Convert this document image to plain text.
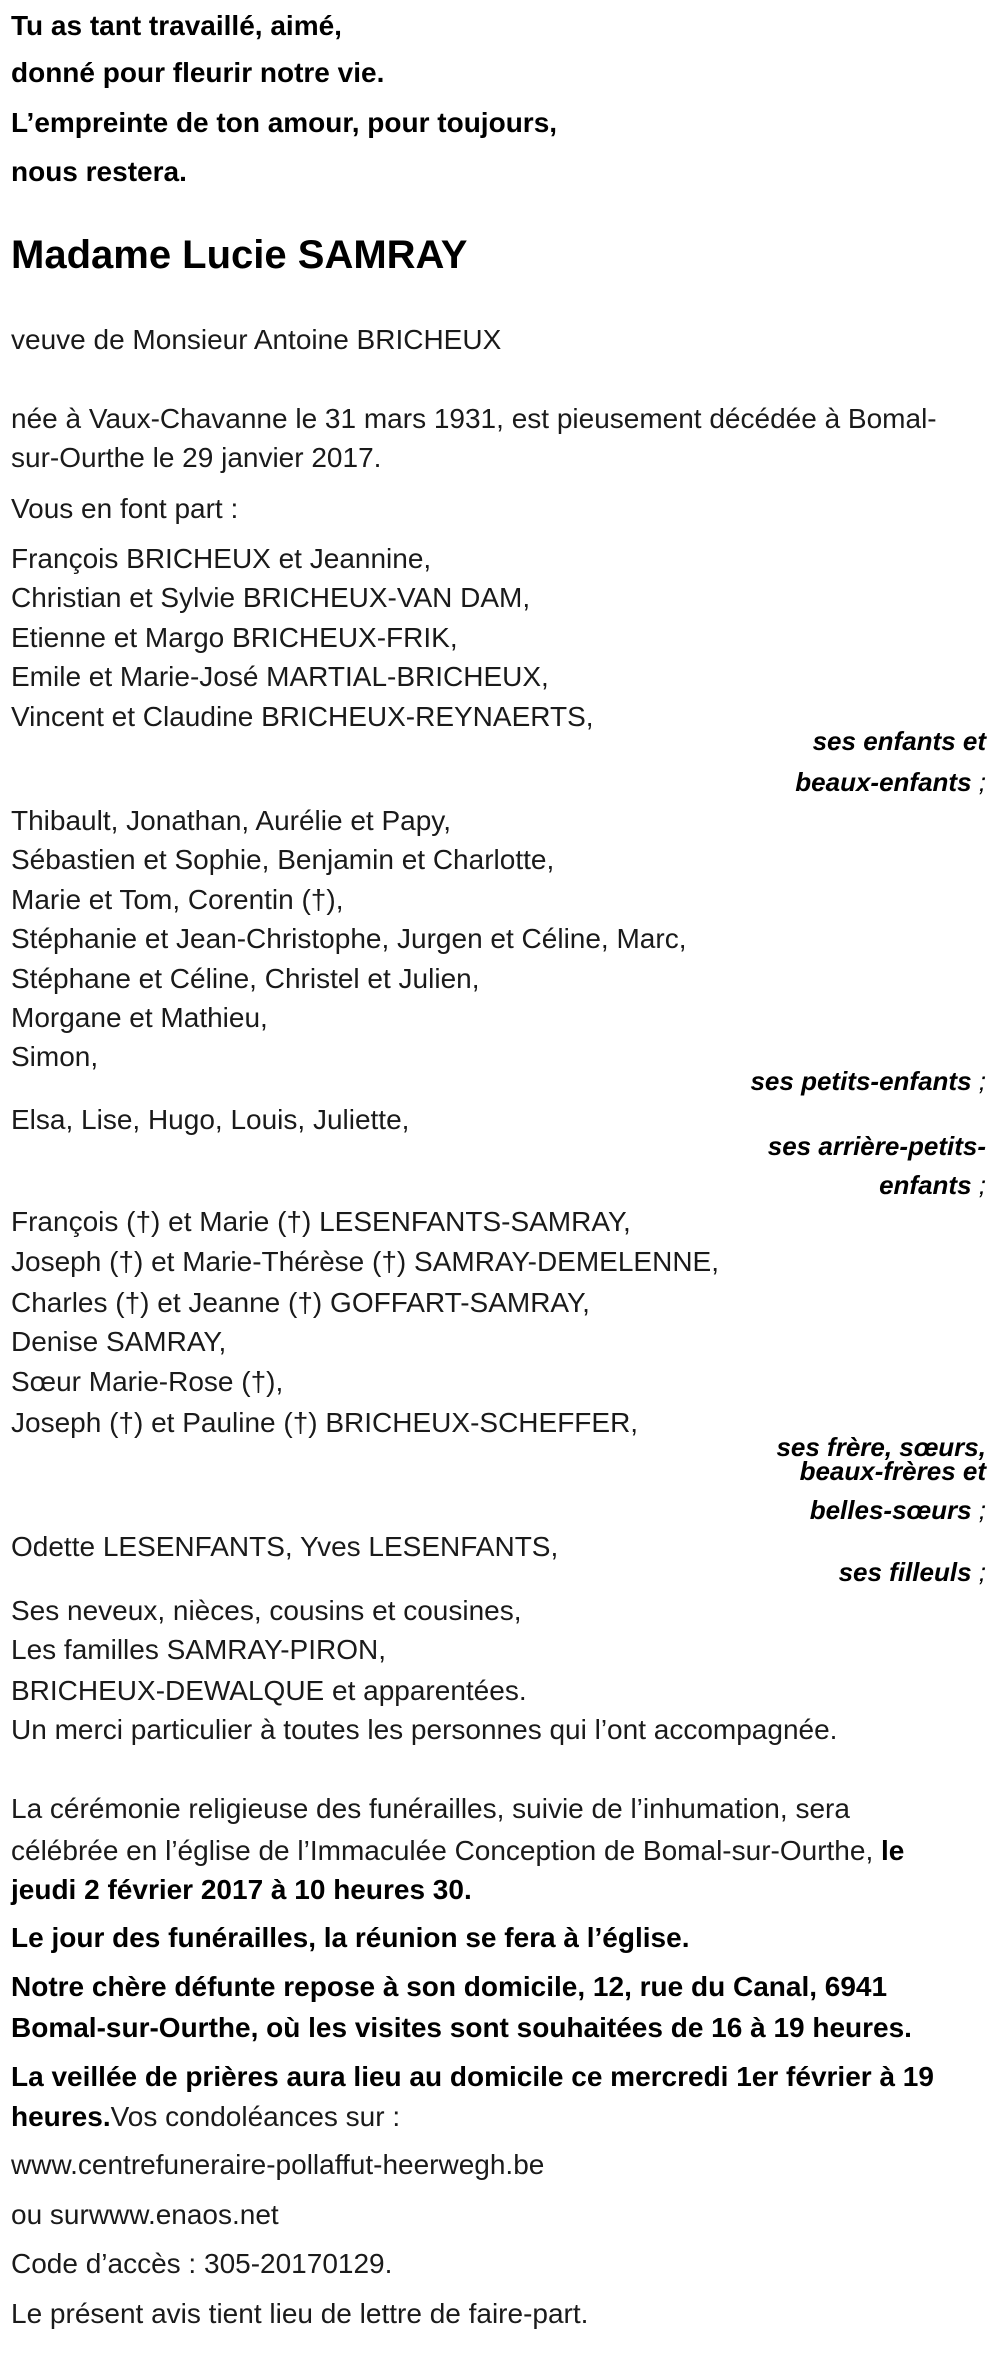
Tu as tant travaillé, aimé,
donné pour fleurir notre vie.
L’empreinte de ton amour, pour toujours,
nous restera.
Madame Lucie SAMRAY
veuve de Monsieur Antoine BRICHEUX
née à Vaux-Chavanne le 31 mars 1931, est pieusement décédée à Bomal-
sur-Ourthe le 29 janvier 2017.
Vous en font part :
François BRICHEUX et Jeannine,
Christian et Sylvie BRICHEUX-VAN DAM,
Etienne et Margo BRICHEUX-FRIK,
Emile et Marie-José MARTIAL-BRICHEUX,
Vincent et Claudine BRICHEUX-REYNAERTS,
ses enfants et
beaux-enfants ;
Thibault, Jonathan, Aurélie et Papy,
Sébastien et Sophie, Benjamin et Charlotte,
Marie et Tom, Corentin (†),
Stéphanie et Jean-Christophe, Jurgen et Céline, Marc,
Stéphane et Céline, Christel et Julien,
Morgane et Mathieu,
Simon,
ses petits-enfants ;
Elsa, Lise, Hugo, Louis, Juliette,
ses arrière-petits-
enfants ;
François (†) et Marie (†) LESENFANTS-SAMRAY,
Joseph (†) et Marie-Thérèse (†) SAMRAY-DEMELENNE,
Charles (†) et Jeanne (†) GOFFART-SAMRAY,
Denise SAMRAY,
Sœur Marie-Rose (†),
Joseph (†) et Pauline (†) BRICHEUX-SCHEFFER,
ses frère, sœurs,
beaux-frères et
belles-sœurs ;
Odette LESENFANTS, Yves LESENFANTS,
ses filleuls ;
Ses neveux, nièces, cousins et cousines,
Les familles SAMRAY-PIRON,
BRICHEUX-DEWALQUE et apparentées.
Un merci particulier à toutes les personnes qui l’ont accompagnée.
La cérémonie religieuse des funérailles, suivie de l’inhumation, sera
célébrée en l’église de l’Immaculée Conception de Bomal-sur-Ourthe, le
jeudi 2 février 2017 à 10 heures 30.
Le jour des funérailles, la réunion se fera à l’église.
Notre chère défunte repose à son domicile, 12, rue du Canal, 6941
Bomal-sur-Ourthe, où les visites sont souhaitées de 16 à 19 heures.
La veillée de prières aura lieu au domicile ce mercredi 1er février à 19
heures.Vos condoléances sur :
www.centrefuneraire-pollaffut-heerwegh.be
ou surwww.enaos.net
Code d’accès : 305-20170129.
Le présent avis tient lieu de lettre de faire-part.
